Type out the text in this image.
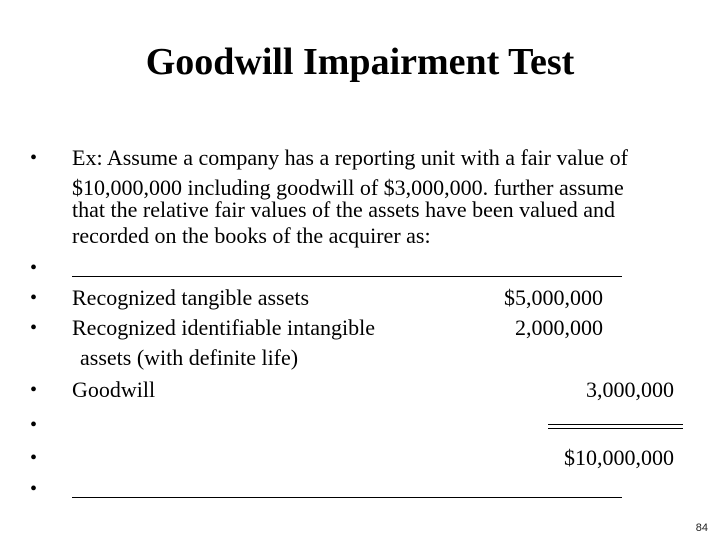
Goodwill Impairment Test
•
•
•
•
•
•
•
•
Ex: Assume a company has a reporting unit with a fair value of
$10,000,000 including goodwill of $3,000,000. further assume
that the relative fair values of the assets have been valued and
recorded on the books of the acquirer as:
Recognized tangible assets	$5,000,000
Recognized identifiable intangible
assets (with definite life)
2,000,000
Goodwill	3,000,000
$10,000,000
84
